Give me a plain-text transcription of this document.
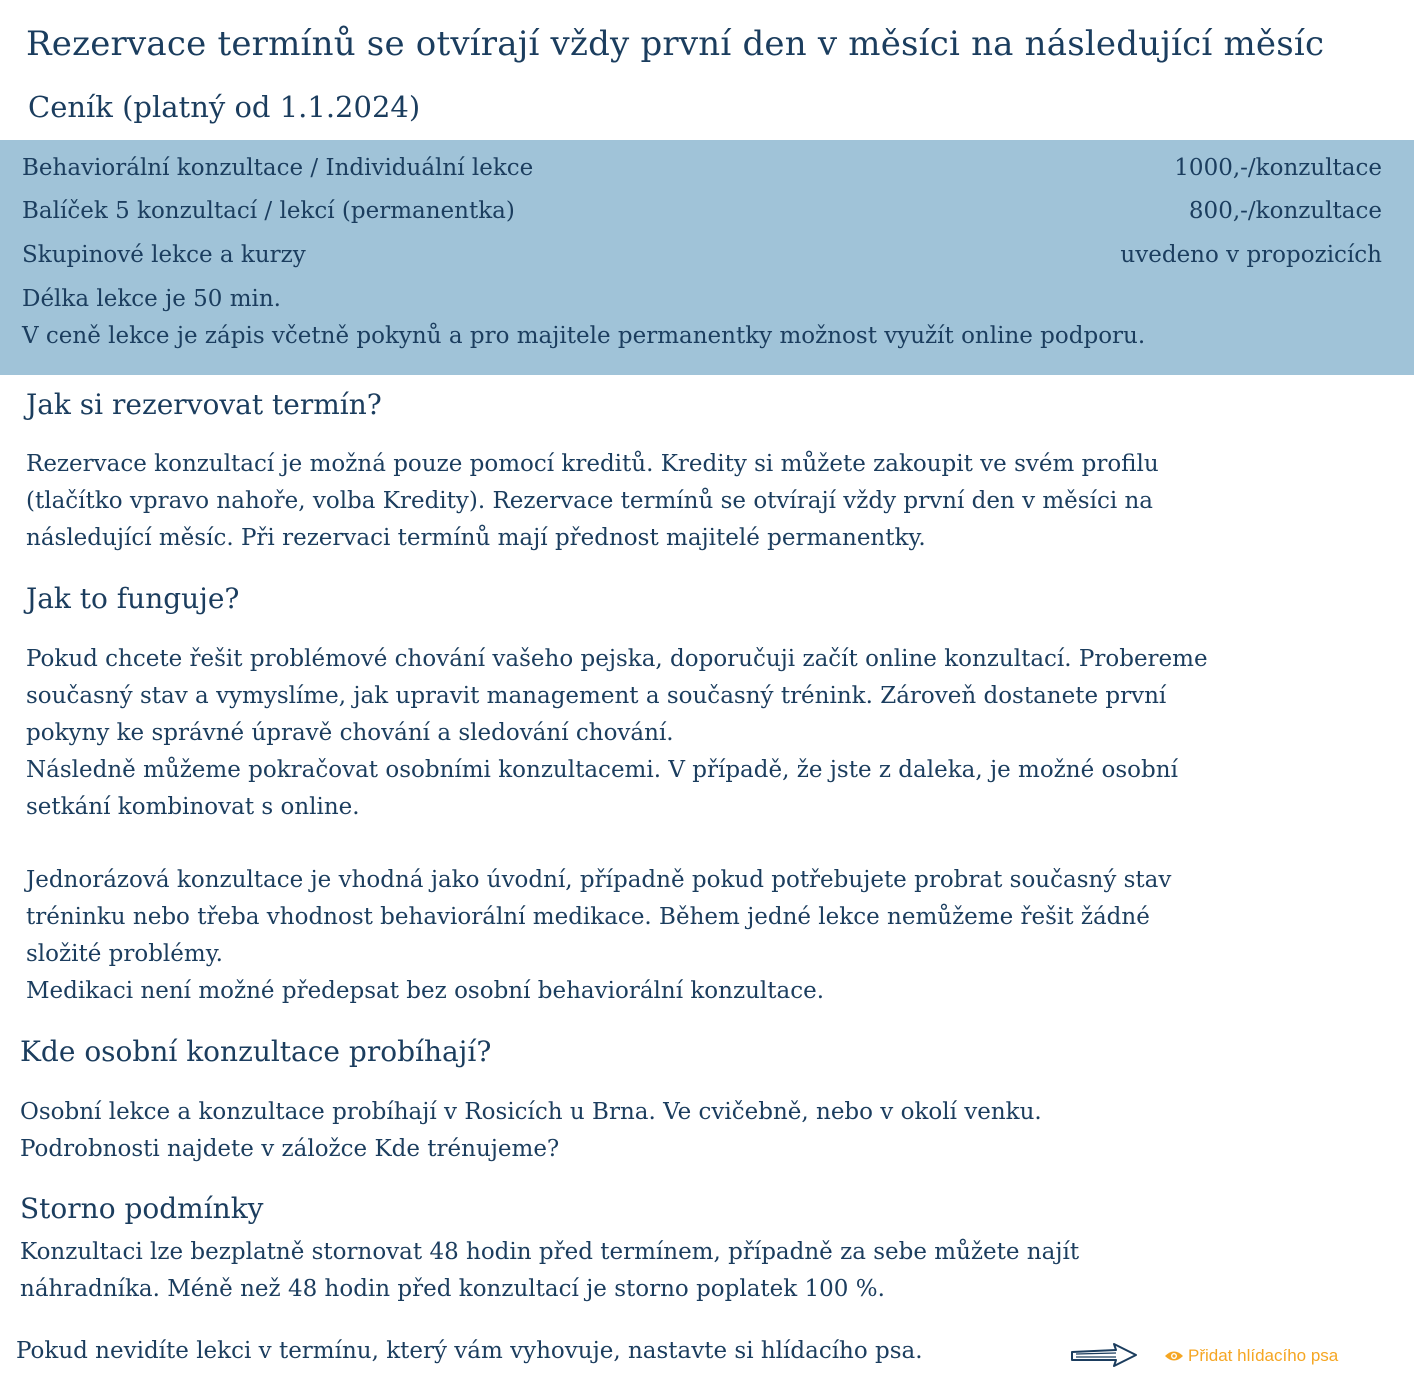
Rezervace termínů se otvírají vždy první den v měsíci na následující měsíc
Ceník (platný od 1.1.2024)
Behaviorální konzultace / Individuální lekce	1000,-/konzultace
Balíček 5 konzultací / lekcí (permanentka)	800,-/konzultace
Skupinové lekce a kurzy	uvedeno v propozicích
Délka lekce je 50 min.
V ceně lekce je zápis včetně pokynů a pro majitele permanentky možnost využít online podporu.
Jak si rezervovat termín?
Rezervace konzultací je možná pouze pomocí kreditů. Kredity si můžete zakoupit ve svém profilu
(tlačítko vpravo nahoře, volba Kredity). Rezervace termínů se otvírají vždy první den v měsíci na
následující měsíc. Při rezervaci termínů mají přednost majitelé permanentky.
Jak to funguje?
Pokud chcete řešit problémové chování vašeho pejska, doporučuji začít online konzultací. Probereme
současný stav a vymyslíme, jak upravit management a současný trénink. Zároveň dostanete první
pokyny ke správné úpravě chování a sledování chování.
Následně můžeme pokračovat osobními konzultacemi. V případě, že jste z daleka, je možné osobní
setkání kombinovat s online.
Jednorázová konzultace je vhodná jako úvodní, případně pokud potřebujete probrat současný stav
tréninku nebo třeba vhodnost behaviorální medikace. Během jedné lekce nemůžeme řešit žádné
složité problémy.
Medikaci není možné předepsat bez osobní behaviorální konzultace.
Kde osobní konzultace probíhají?
Osobní lekce a konzultace probíhají v Rosicích u Brna. Ve cvičebně, nebo v okolí venku.
Podrobnosti najdete v záložce Kde trénujeme?
Storno podmínky
Konzultaci lze bezplatně stornovat 48 hodin před termínem, případně za sebe můžete najít
náhradníka. Méně než 48 hodin před konzultací je storno poplatek 100 %.
Pokud nevidíte lekci v termínu, který vám vyhovuje, nastavte si hlídacího psa.	Přidat hlídacího psa
